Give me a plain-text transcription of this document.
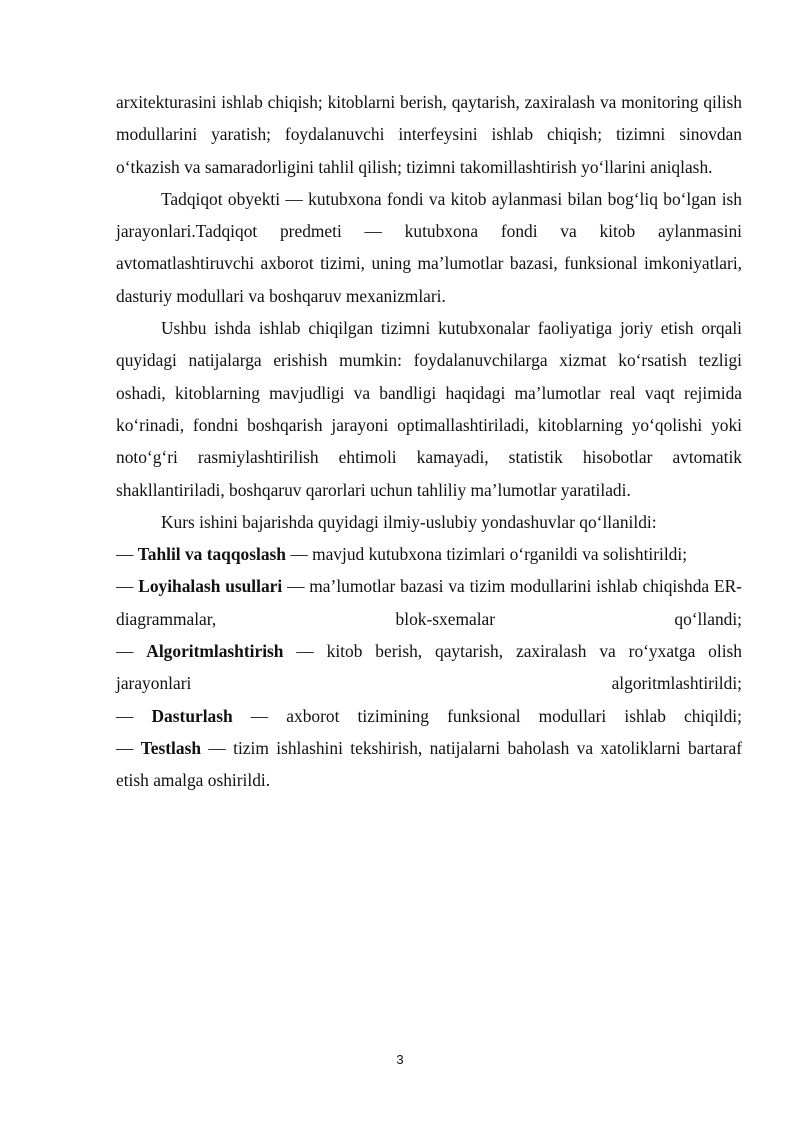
arxitekturasini ishlab chiqish; kitoblarni berish, qaytarish, zaxiralash va monitoring qilish modullarini yaratish; foydalanuvchi interfeysini ishlab chiqish; tizimni sinovdan o‘tkazish va samaradorligini tahlil qilish; tizimni takomillashtirish yo‘llarini aniqlash.

Tadqiqot obyekti — kutubxona fondi va kitob aylanmasi bilan bog‘liq bo‘lgan ish jarayonlari.Tadqiqot predmeti — kutubxona fondi va kitob aylanmasini avtomatlashtiruvchi axborot tizimi, uning ma’lumotlar bazasi, funksional imkoniyatlari, dasturiy modullari va boshqaruv mexanizmlari.

Ushbu ishda ishlab chiqilgan tizimni kutubxonalar faoliyatiga joriy etish orqali quyidagi natijalarga erishish mumkin: foydalanuvchilarga xizmat ko‘rsatish tezligi oshadi, kitoblarning mavjudligi va bandligi haqidagi ma’lumotlar real vaqt rejimida ko‘rinadi, fondni boshqarish jarayoni optimallashtiriladi, kitoblarning yo‘qolishi yoki noto‘g‘ri rasmiylashtirilish ehtimoli kamayadi, statistik hisobotlar avtomatik shakllantiriladi, boshqaruv qarorlari uchun tahliliy ma’lumotlar yaratiladi.

Kurs ishini bajarishda quyidagi ilmiy-uslubiy yondashuvlar qo‘llanildi:

— Tahlil va taqqoslash — mavjud kutubxona tizimlari o‘rganildi va solishtirildi;
— Loyihalash usullari — ma’lumotlar bazasi va tizim modullarini ishlab chiqishda ER-diagrammalar, blok-sxemalar qo‘llandi;
— Algoritmlashtirish — kitob berish, qaytarish, zaxiralash va ro‘yxatga olish jarayonlari algoritmlashtirildi;
— Dasturlash — axborot tizimining funksional modullari ishlab chiqildi;
— Testlash — tizim ishlashini tekshirish, natijalarni baholash va xatoliklarni bartaraf etish amalga oshirildi.
3
